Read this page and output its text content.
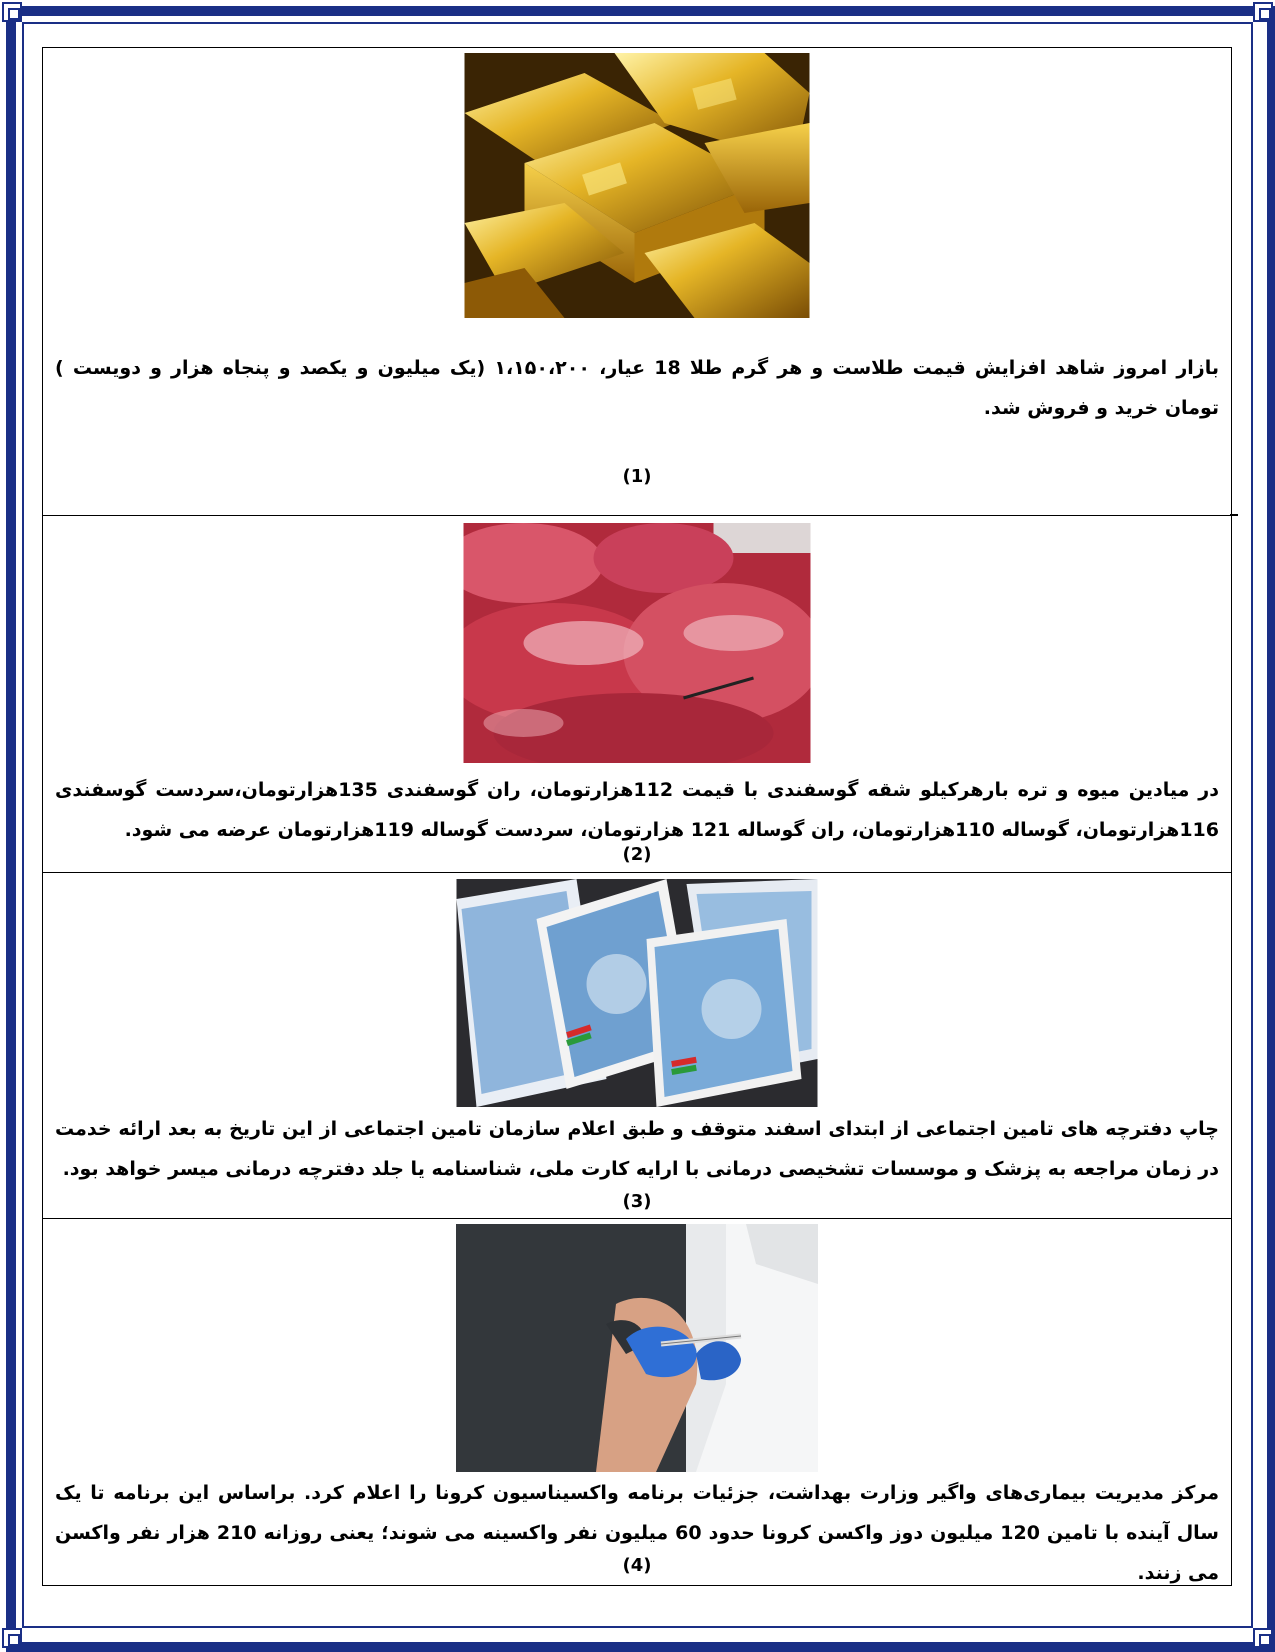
بازار امروز شاهد افزایش قیمت طلاست و هر گرم طلا 18 عیار، ۱،۱۵۰،۲۰۰ (یک میلیون و یکصد و پنجاه هزار و دویست ) تومان خرید و فروش شد.

(1)

در میادین میوه و تره بارهرکیلو شقه گوسفندی با قیمت 112هزارتومان، ران گوسفندی 135هزارتومان،سردست گوسفندی 116هزارتومان، گوساله 110هزارتومان، ران گوساله 121 هزارتومان، سردست گوساله 119هزارتومان عرضه می شود.

(2)

چاپ دفترچه های تامین اجتماعی از ابتدای اسفند متوقف و طبق اعلام سازمان تامین اجتماعی از این تاریخ به بعد ارائه خدمت در زمان مراجعه به پزشک و موسسات تشخیصی درمانی با ارایه کارت ملی، شناسنامه یا جلد دفترچه درمانی میسر خواهد بود.

(3)

مرکز مدیریت بیماری‌های واگیر وزارت بهداشت، جزئیات برنامه واکسیناسیون کرونا را اعلام کرد. براساس این برنامه تا یک سال آینده با تامین 120 میلیون دوز واکسن کرونا حدود 60 میلیون نفر واکسینه می شوند؛ یعنی روزانه 210 هزار نفر واکسن می زنند.

(4)
